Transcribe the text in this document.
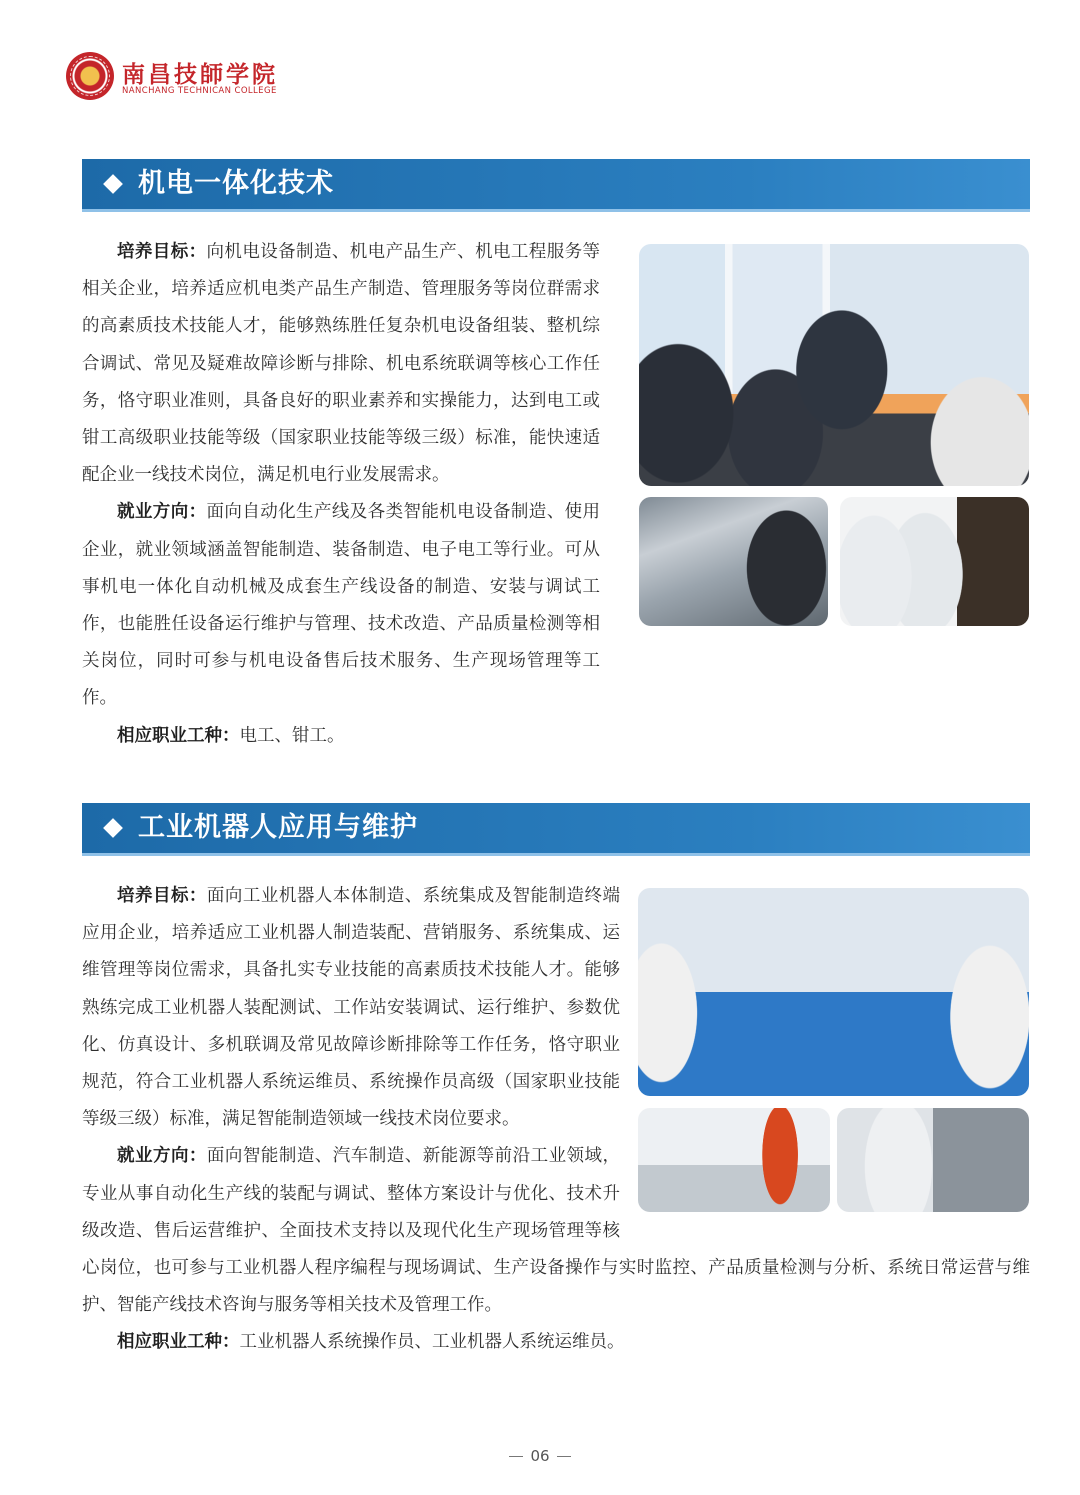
南昌技師学院
NANCHANG TECHNICAN COLLEGE
机电一体化技术

培养目标：向机电设备制造、机电产品生产、机电工程服务等相关企业，培养适应机电类产品生产制造、管理服务等岗位群需求的高素质技术技能人才，能够熟练胜任复杂机电设备组装、整机综合调试、常见及疑难故障诊断与排除、机电系统联调等核心工作任务，恪守职业准则，具备良好的职业素养和实操能力，达到电工或钳工高级职业技能等级（国家职业技能等级三级）标准，能快速适配企业一线技术岗位，满足机电行业发展需求。

就业方向：面向自动化生产线及各类智能机电设备制造、使用企业，就业领域涵盖智能制造、装备制造、电子电工等行业。可从事机电一体化自动机械及成套生产线设备的制造、安装与调试工作，也能胜任设备运行维护与管理、技术改造、产品质量检测等相关岗位，同时可参与机电设备售后技术服务、生产现场管理等工作。

相应职业工种：电工、钳工。

工业机器人应用与维护

培养目标：面向工业机器人本体制造、系统集成及智能制造终端应用企业，培养适应工业机器人制造装配、营销服务、系统集成、运维管理等岗位需求，具备扎实专业技能的高素质技术技能人才。能够熟练完成工业机器人装配测试、工作站安装调试、运行维护、参数优化、仿真设计、多机联调及常见故障诊断排除等工作任务，恪守职业规范，符合工业机器人系统运维员、系统操作员高级（国家职业技能等级三级）标准，满足智能制造领域一线技术岗位要求。

就业方向：面向智能制造、汽车制造、新能源等前沿工业领域，专业从事自动化生产线的装配与调试、整体方案设计与优化、技术升级改造、售后运营维护、全面技术支持以及现代化生产现场管理等核心岗位，也可参与工业机器人程序编程与现场调试、生产设备操作与实时监控、产品质量检测与分析、系统日常运营与维护、智能产线技术咨询与服务等相关技术及管理工作。

相应职业工种：工业机器人系统操作员、工业机器人系统运维员。

06
